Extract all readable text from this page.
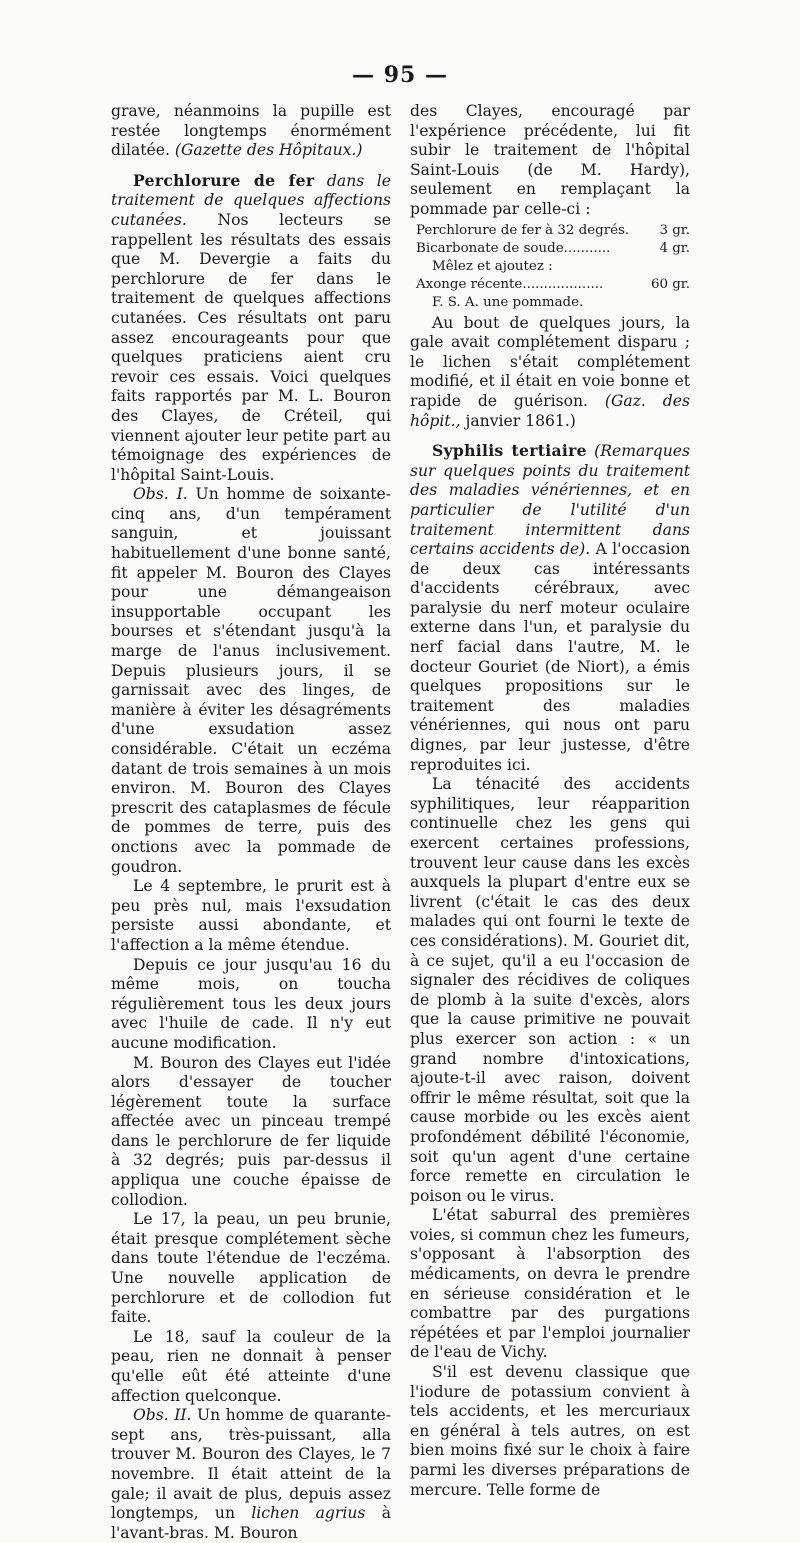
— 95 —

grave, néanmoins la pupille est restée longtemps énormément dilatée. (Gazette des Hôpitaux.)

Perchlorure de fer dans le traitement de quelques affections cutanées. Nos lecteurs se rappellent les résultats des essais que M. Devergie a faits du perchlorure de fer dans le traitement de quelques affections cutanées. Ces résultats ont paru assez encourageants pour que quelques praticiens aient cru revoir ces essais. Voici quelques faits rapportés par M. L. Bouron des Clayes, de Créteil, qui viennent ajouter leur petite part au témoignage des expériences de l'hôpital Saint-Louis.

Obs. I. Un homme de soixante-cinq ans, d'un tempérament sanguin, et jouissant habituellement d'une bonne santé, fit appeler M. Bouron des Clayes pour une démangeaison insupportable occupant les bourses et s'étendant jusqu'à la marge de l'anus inclusivement. Depuis plusieurs jours, il se garnissait avec des linges, de manière à éviter les désagréments d'une exsudation assez considérable. C'était un eczéma datant de trois semaines à un mois environ. M. Bouron des Clayes prescrit des cataplasmes de fécule de pommes de terre, puis des onctions avec la pommade de goudron.

Le 4 septembre, le prurit est à peu près nul, mais l'exsudation persiste aussi abondante, et l'affection a la même étendue.

Depuis ce jour jusqu'au 16 du même mois, on toucha régulièrement tous les deux jours avec l'huile de cade. Il n'y eut aucune modification.

M. Bouron des Clayes eut l'idée alors d'essayer de toucher légèrement toute la surface affectée avec un pinceau trempé dans le perchlorure de fer liquide à 32 degrés; puis par-dessus il appliqua une couche épaisse de collodion.

Le 17, la peau, un peu brunie, était presque complétement sèche dans toute l'étendue de l'eczéma. Une nouvelle application de perchlorure et de collodion fut faite.

Le 18, sauf la couleur de la peau, rien ne donnait à penser qu'elle eût été atteinte d'une affection quelconque.

Obs. II. Un homme de quarante-sept ans, très-puissant, alla trouver M. Bouron des Clayes, le 7 novembre. Il était atteint de la gale; il avait de plus, depuis assez longtemps, un lichen agrius à l'avant-bras. M. Bouron

des Clayes, encouragé par l'expérience précédente, lui fit subir le traitement de l'hôpital Saint-Louis (de M. Hardy), seulement en remplaçant la pommade par celle-ci :

Perchlorure de fer à 32 degrés. 3 gr.
Bicarbonate de soude...........	4 gr.
Mêlez et ajoutez :
Axonge récente...................	60 gr.
F. S. A. une pommade.

Au bout de quelques jours, la gale avait complétement disparu ; le lichen s'était complétement modifié, et il était en voie bonne et rapide de guérison. (Gaz. des hôpit., janvier 1861.)

Syphilis tertiaire (Remarques sur quelques points du traitement des maladies vénériennes, et en particulier de l'utilité d'un traitement intermittent dans certains accidents de). A l'occasion de deux cas intéressants d'accidents cérébraux, avec paralysie du nerf moteur oculaire externe dans l'un, et paralysie du nerf facial dans l'autre, M. le docteur Gouriet (de Niort), a émis quelques propositions sur le traitement des maladies vénériennes, qui nous ont paru dignes, par leur justesse, d'être reproduites ici.

La ténacité des accidents syphilitiques, leur réapparition continuelle chez les gens qui exercent certaines professions, trouvent leur cause dans les excès auxquels la plupart d'entre eux se livrent (c'était le cas des deux malades qui ont fourni le texte de ces considérations). M. Gouriet dit, à ce sujet, qu'il a eu l'occasion de signaler des récidives de coliques de plomb à la suite d'excès, alors que la cause primitive ne pouvait plus exercer son action : « un grand nombre d'intoxications, ajoute-t-il avec raison, doivent offrir le même résultat, soit que la cause morbide ou les excès aient profondément débilité l'économie, soit qu'un agent d'une certaine force remette en circulation le poison ou le virus.

L'état saburral des premières voies, si commun chez les fumeurs, s'opposant à l'absorption des médicaments, on devra le prendre en sérieuse considération et le combattre par des purgations répétées et par l'emploi journalier de l'eau de Vichy.

S'il est devenu classique que l'iodure de potassium convient à tels accidents, et les mercuriaux en général à tels autres, on est bien moins fixé sur le choix à faire parmi les diverses préparations de mercure. Telle forme de
